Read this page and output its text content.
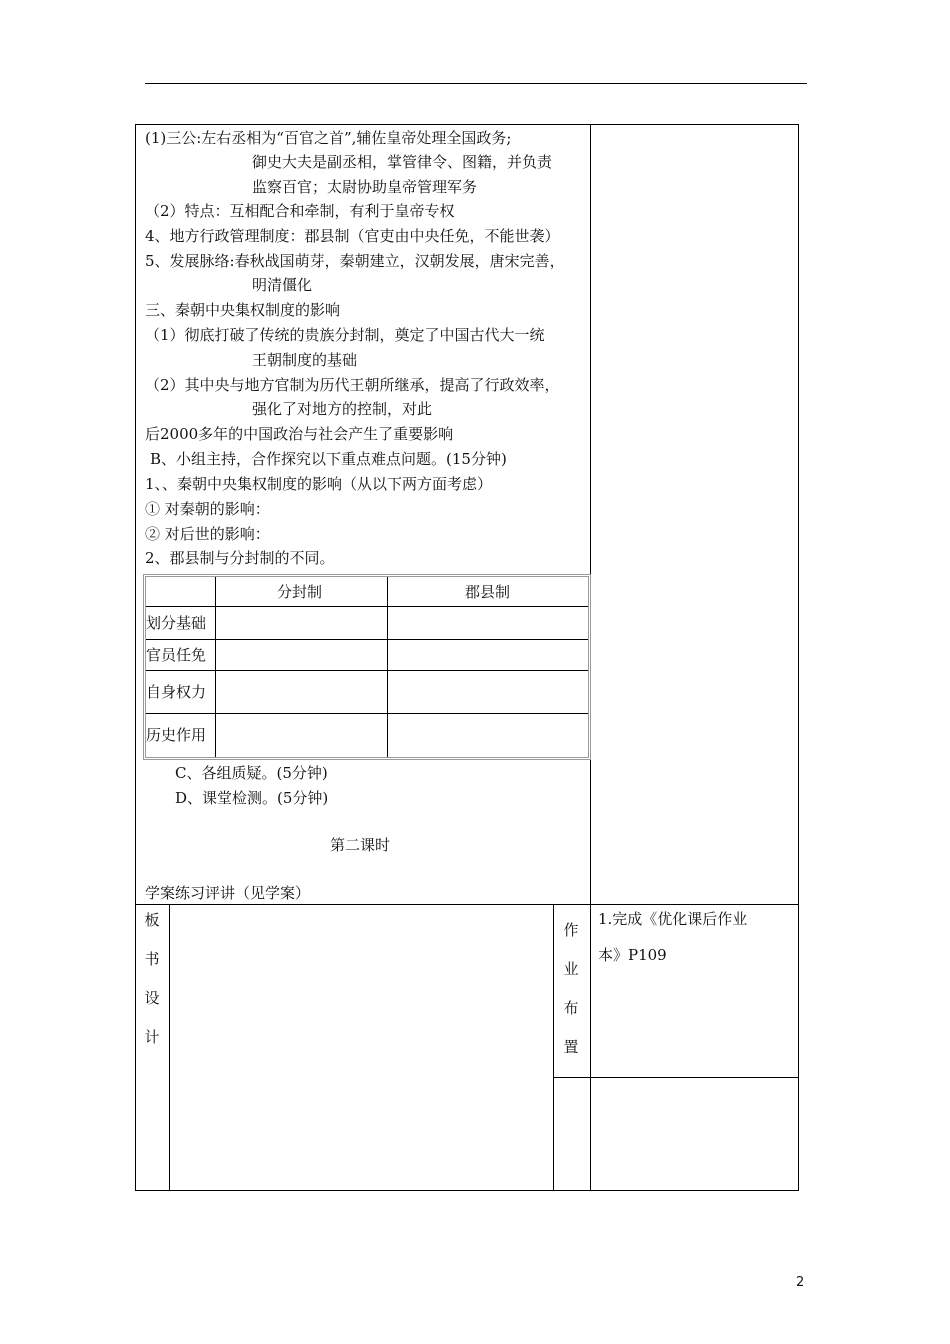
(1)三公:左右丞相为“百官之首”,辅佐皇帝处理全国政务;
御史大夫是副丞相，掌管律令、图籍，并负责
监察百官；太尉协助皇帝管理军务
（2）特点：互相配合和牵制，有利于皇帝专权
4、地方行政管理制度：郡县制（官吏由中央任免，不能世袭）
5、发展脉络:春秋战国萌芽，秦朝建立，汉朝发展，唐宋完善，
明清僵化
三、秦朝中央集权制度的影响
（1）彻底打破了传统的贵族分封制，奠定了中国古代大一统
王朝制度的基础
（2）其中央与地方官制为历代王朝所继承，提高了行政效率，
强化了对地方的控制，对此
后2000多年的中国政治与社会产生了重要影响
B、小组主持，合作探究以下重点难点问题。(15分钟)
1、、秦朝中央集权制度的影响（从以下两方面考虑）
① 对秦朝的影响：
② 对后世的影响：
2、郡县制与分封制的不同。
分封制	郡县制
划分基础
官员任免
自身权力
历史作用
C、各组质疑。(5分钟)
D、课堂检测。(5分钟)
第二课时
学案练习评讲（见学案）
板
书
设
计
作
业
布
置
1.完成《优化课后作业
本》P109
2
